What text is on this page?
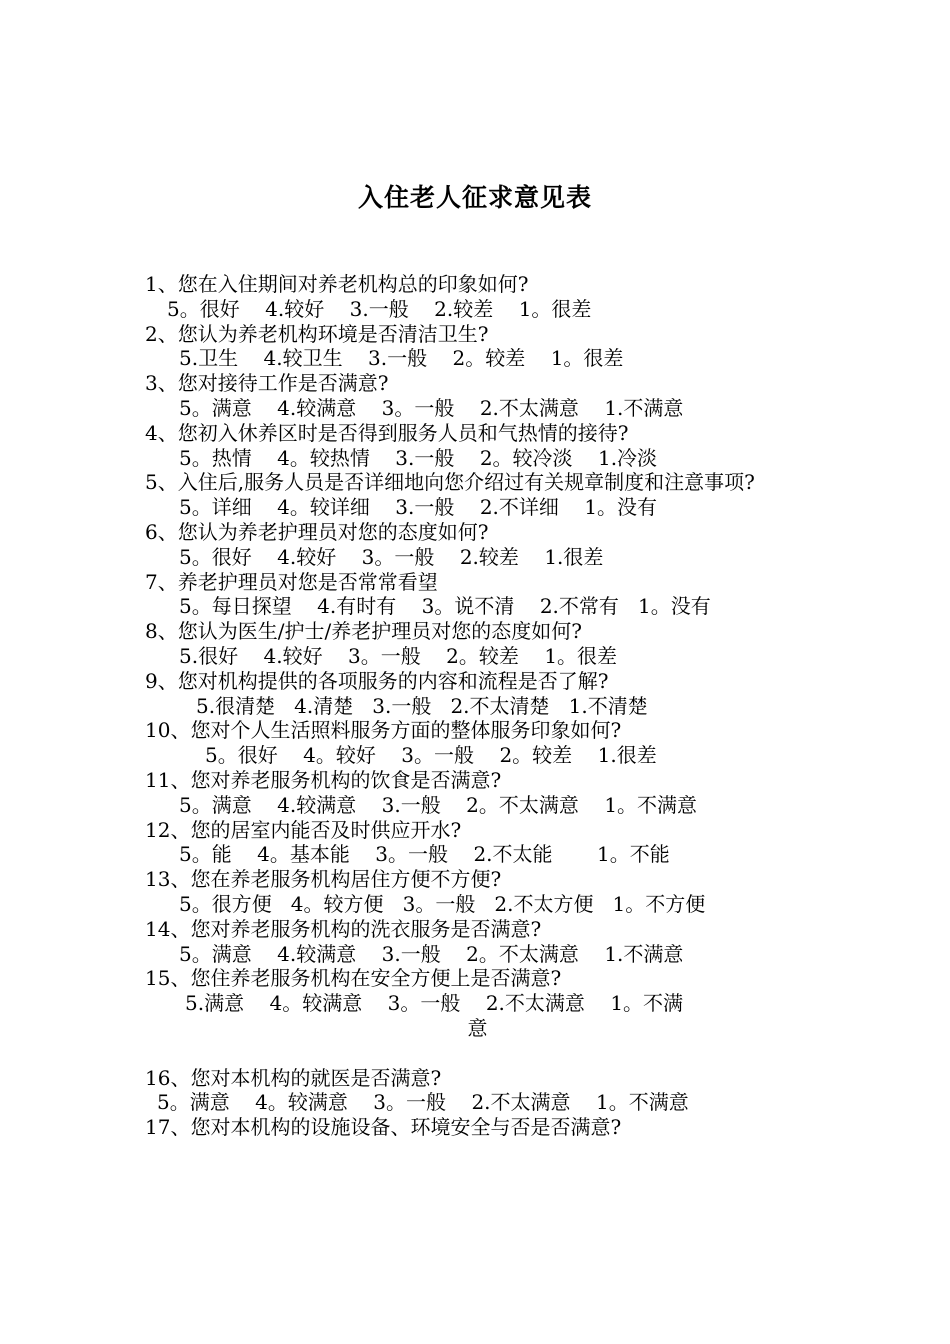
入住老人征求意见表
1、您在入住期间对养老机构总的印象如何?
5。很好    4.较好    3.一般    2.较差    1。很差
2、您认为养老机构环境是否清洁卫生?
5.卫生    4.较卫生    3.一般    2。较差    1。很差
3、您对接待工作是否满意?
5。满意    4.较满意    3。一般    2.不太满意    1.不满意
4、您初入休养区时是否得到服务人员和气热情的接待?
5。热情    4。较热情    3.一般    2。较冷淡    1.冷淡
5、入住后,服务人员是否详细地向您介绍过有关规章制度和注意事项?
5。详细    4。较详细    3.一般    2.不详细    1。没有
6、您认为养老护理员对您的态度如何?
5。很好    4.较好    3。一般    2.较差    1.很差
7、养老护理员对您是否常常看望
5。每日探望    4.有时有    3。说不清    2.不常有   1。没有
8、您认为医生/护士/养老护理员对您的态度如何?
5.很好    4.较好    3。一般    2。较差    1。很差
9、您对机构提供的各项服务的内容和流程是否了解?
5.很清楚   4.清楚   3.一般   2.不太清楚   1.不清楚
10、您对个人生活照料服务方面的整体服务印象如何?
5。很好    4。较好    3。一般    2。较差    1.很差
11、您对养老服务机构的饮食是否满意?
5。满意    4.较满意    3.一般    2。不太满意    1。不满意
12、您的居室内能否及时供应开水?
5。能    4。基本能    3。一般    2.不太能       1。不能
13、您在养老服务机构居住方便不方便?
5。很方便   4。较方便   3。一般   2.不太方便   1。不方便
14、您对养老服务机构的洗衣服务是否满意?
5。满意    4.较满意    3.一般    2。不太满意    1.不满意
15、您住养老服务机构在安全方便上是否满意?
5.满意    4。较满意    3。一般    2.不太满意    1。不满
意
16、您对本机构的就医是否满意?
5。满意    4。较满意    3。一般    2.不太满意    1。不满意
17、您对本机构的设施设备、环境安全与否是否满意?
